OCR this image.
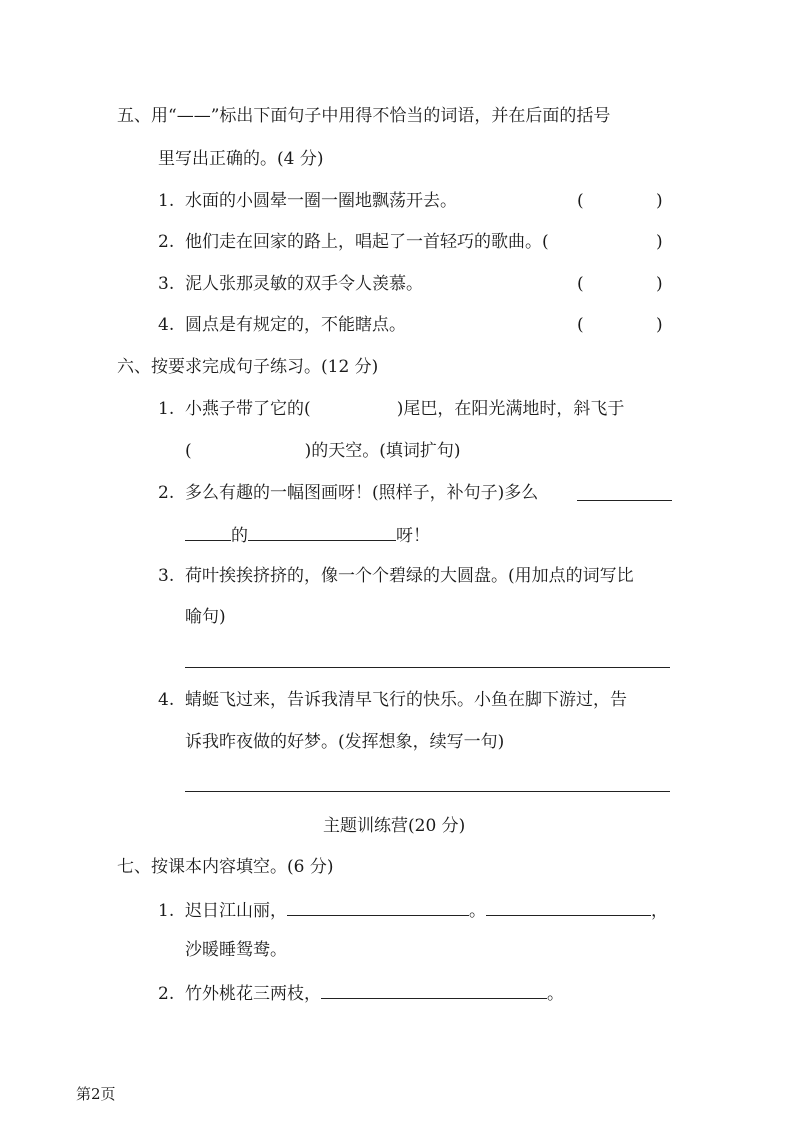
五、用“——”标出下面句子中用得不恰当的词语，并在后面的括号
里写出正确的。(4 分)
1. 水面的小圆晕一圈一圈地飘荡开去。	(	)
2. 他们走在回家的路上，唱起了一首轻巧的歌曲。(	)
3. 泥人张那灵敏的双手令人羡慕。	(	)
4. 圆点是有规定的，不能瞎点。	(	)
六、按要求完成句子练习。(12 分)
1. 小燕子带了它的(	)尾巴，在阳光满地时，斜飞于
(	)的天空。(填词扩句)
2. 多么有趣的一幅图画呀！(照样子，补句子)多么
的	呀！
3. 荷叶挨挨挤挤的，像一个个碧绿的大圆盘。(用加点的词写比
喻句)
4. 蜻蜓飞过来，告诉我清早飞行的快乐。小鱼在脚下游过，告
诉我昨夜做的好梦。(发挥想象，续写一句)
主题训练营(20 分)
七、按课本内容填空。(6 分)
1. 迟日江山丽，	。	，
沙暖睡鸳鸯。
2. 竹外桃花三两枝，	。
第2页
